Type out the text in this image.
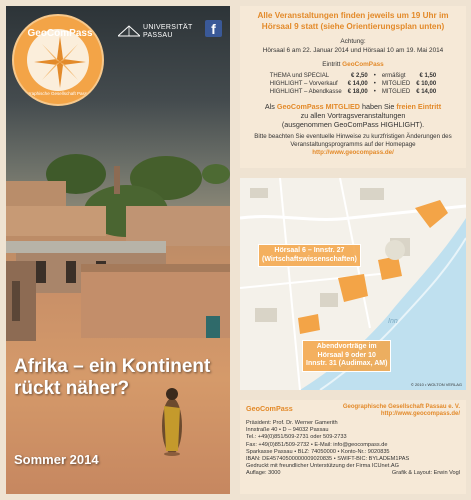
GeoComPass
Geographische Gesellschaft Passau e.V.
UNIVERSITÄT
PASSAU	f
Afrika – ein Kontinent
rückt näher?
Sommer 2014
Alle Veranstaltungen finden jeweils um 19 Uhr im Hörsaal 9 statt (siehe Orientierungsplan unten)
Achtung:
Hörsaal 6 am 22. Januar 2014 und Hörsaal 10 am 19. Mai 2014
Eintritt GeoComPass
THEMA und SPECIAL	€ 2,50	•	ermäßigt	€ 1,50
HIGHLIGHT – Vorverkauf	€ 14,00	•	MITGLIED	€ 10,00
HIGHLIGHT – Abendkasse	€ 18,00	•	MITGLIED	€ 14,00
Als GeoComPass MITGLIED haben Sie freien Eintritt
zu allen Vortragsveranstaltungen
(ausgenommen GeoComPass HIGHLIGHT).
Bitte beachten Sie eventuelle Hinweise zu kurzfristigen Änderungen des Veranstaltungsprogramms auf der Homepage
http://www.geocompass.de/
Hörsaal 6 – Innstr. 27
(Wirtschaftswissenschaften)
Abendvorträge im
Hörsaal 9 oder 10
Innstr. 31 (Audimax, AM)
Inn
© 2010 • WOLTON VERLAG
GeoComPass	Geographische Gesellschaft Passau e. V.
http://www.geocompass.de/
Präsident: Prof. Dr. Werner Gamerith
Innstraße 40 • D – 94032 Passau
Tel.: +49(0)851/509-2731 oder 509-2733
Fax: +49(0)851/509-2732 • E-Mail: info@geocompass.de
Sparkasse Passau • BLZ: 74050000 • Konto-Nr.: 9020835
IBAN: DE45740500000009020835 • SWIFT-BIC: BYLADEM1PAS
Gedruckt mit freundlicher Unterstützung der Firma ICUnet.AG
Auflage: 3000	Grafik & Layout: Erwin Vogl
